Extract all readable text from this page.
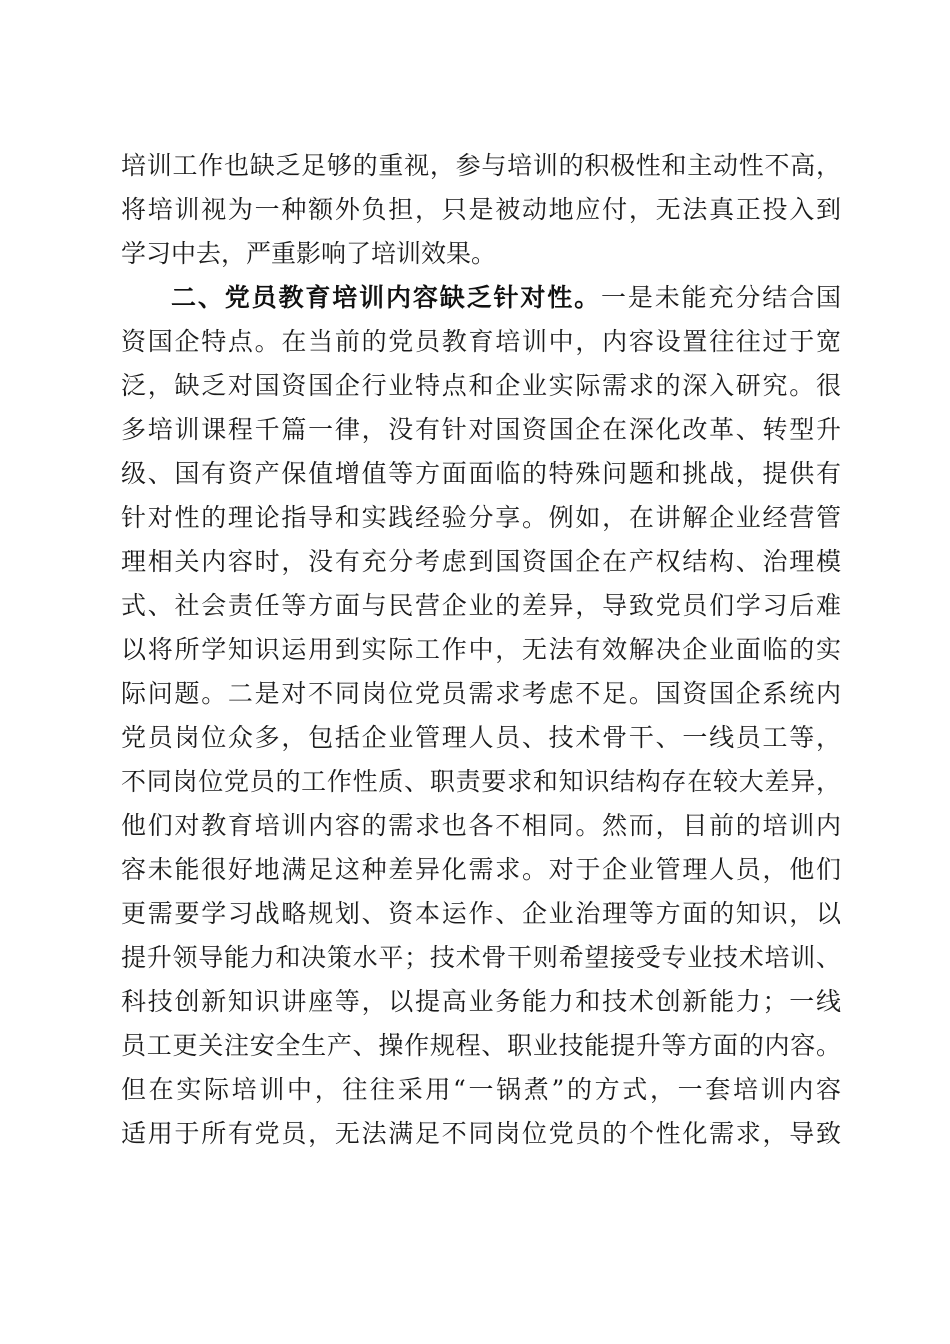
培训工作也缺乏足够的重视，参与培训的积极性和主动性不高，
将培训视为一种额外负担，只是被动地应付，无法真正投入到
学习中去，严重影响了培训效果。
二、党员教育培训内容缺乏针对性。一是未能充分结合国
资国企特点。在当前的党员教育培训中，内容设置往往过于宽
泛，缺乏对国资国企行业特点和企业实际需求的深入研究。很
多培训课程千篇一律，没有针对国资国企在深化改革、转型升
级、国有资产保值增值等方面面临的特殊问题和挑战，提供有
针对性的理论指导和实践经验分享。例如，在讲解企业经营管
理相关内容时，没有充分考虑到国资国企在产权结构、治理模
式、社会责任等方面与民营企业的差异，导致党员们学习后难
以将所学知识运用到实际工作中，无法有效解决企业面临的实
际问题。二是对不同岗位党员需求考虑不足。国资国企系统内
党员岗位众多，包括企业管理人员、技术骨干、一线员工等，
不同岗位党员的工作性质、职责要求和知识结构存在较大差异，
他们对教育培训内容的需求也各不相同。然而，目前的培训内
容未能很好地满足这种差异化需求。对于企业管理人员，他们
更需要学习战略规划、资本运作、企业治理等方面的知识，以
提升领导能力和决策水平；技术骨干则希望接受专业技术培训、
科技创新知识讲座等，以提高业务能力和技术创新能力；一线
员工更关注安全生产、操作规程、职业技能提升等方面的内容。
但在实际培训中，往往采用“一锅煮”的方式，一套培训内容
适用于所有党员，无法满足不同岗位党员的个性化需求，导致
